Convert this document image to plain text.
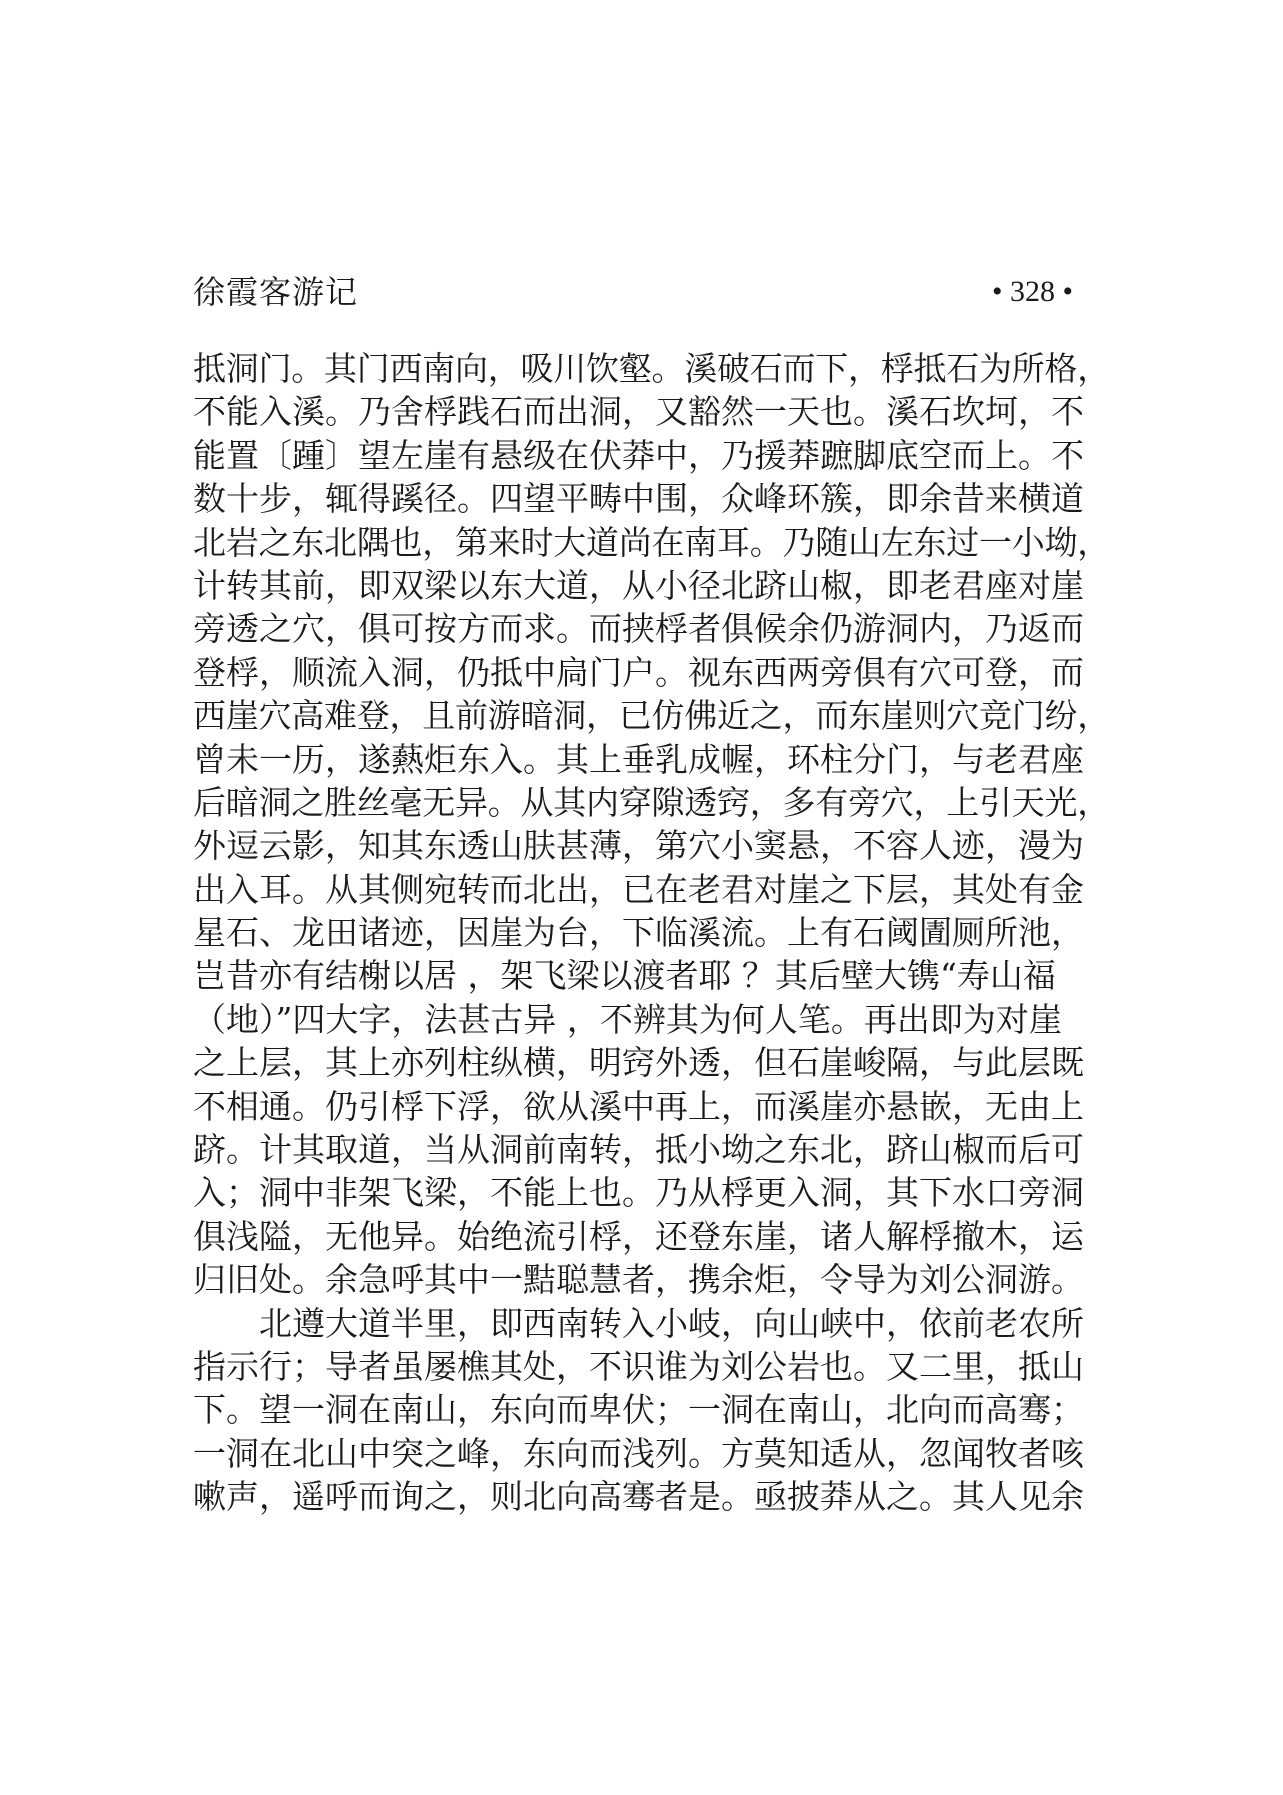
徐霞客游记	• 328 •
抵洞门。其门西南向，吸川饮壑。溪破石而下，桴抵石为所格，
不能入溪。乃舍桴践石而出洞，又豁然一天也。溪石坎坷，不
能置〔踵〕望左崖有悬级在伏莽中，乃援莽蹠脚底空而上。不
数十步，辄得蹊径。四望平畴中围，众峰环簇，即余昔来横道
北岩之东北隅也，第来时大道尚在南耳。乃随山左东过一小坳，
计转其前，即双梁以东大道，从小径北跻山椒，即老君座对崖
旁透之穴，俱可按方而求。而挟桴者俱候余仍游洞内，乃返而
登桴，顺流入洞，仍抵中扃门户。视东西两旁俱有穴可登，而
西崖穴高难登，且前游暗洞，已仿佛近之，而东崖则穴竞门纷，
曾未一历，遂爇炬东入。其上垂乳成幄，环柱分门，与老君座
后暗洞之胜丝毫无异。从其内穿隙透窍，多有旁穴，上引天光，
外逗云影，知其东透山肤甚薄，第穴小窦悬，不容人迹，漫为
出入耳。从其侧宛转而北出，已在老君对崖之下层，其处有金
星石、龙田诸迹，因崖为台，下临溪流。上有石阈圊厕所池，
岂昔亦有结榭以居 ，架飞梁以渡者耶 ？其后壁大镌“寿山福
（地）”四大字，法甚古异 ，不辨其为何人笔。再出即为对崖
之上层，其上亦列柱纵横，明窍外透，但石崖峻隔，与此层既
不相通。仍引桴下浮，欲从溪中再上，而溪崖亦悬嵌，无由上
跻。计其取道，当从洞前南转，抵小坳之东北，跻山椒而后可
入；洞中非架飞梁，不能上也。乃从桴更入洞，其下水口旁洞
俱浅隘，无他异。始绝流引桴，还登东崖，诸人解桴撤木，运
归旧处。余急呼其中一黠聪慧者，携余炬，令导为刘公洞游。
北遵大道半里，即西南转入小岐，向山峡中，依前老农所
指示行；导者虽屡樵其处，不识谁为刘公岩也。又二里，抵山
下。望一洞在南山，东向而卑伏；一洞在南山，北向而高骞；
一洞在北山中突之峰，东向而浅列。方莫知适从，忽闻牧者咳
嗽声，遥呼而询之，则北向高骞者是。亟披莽从之。其人见余
